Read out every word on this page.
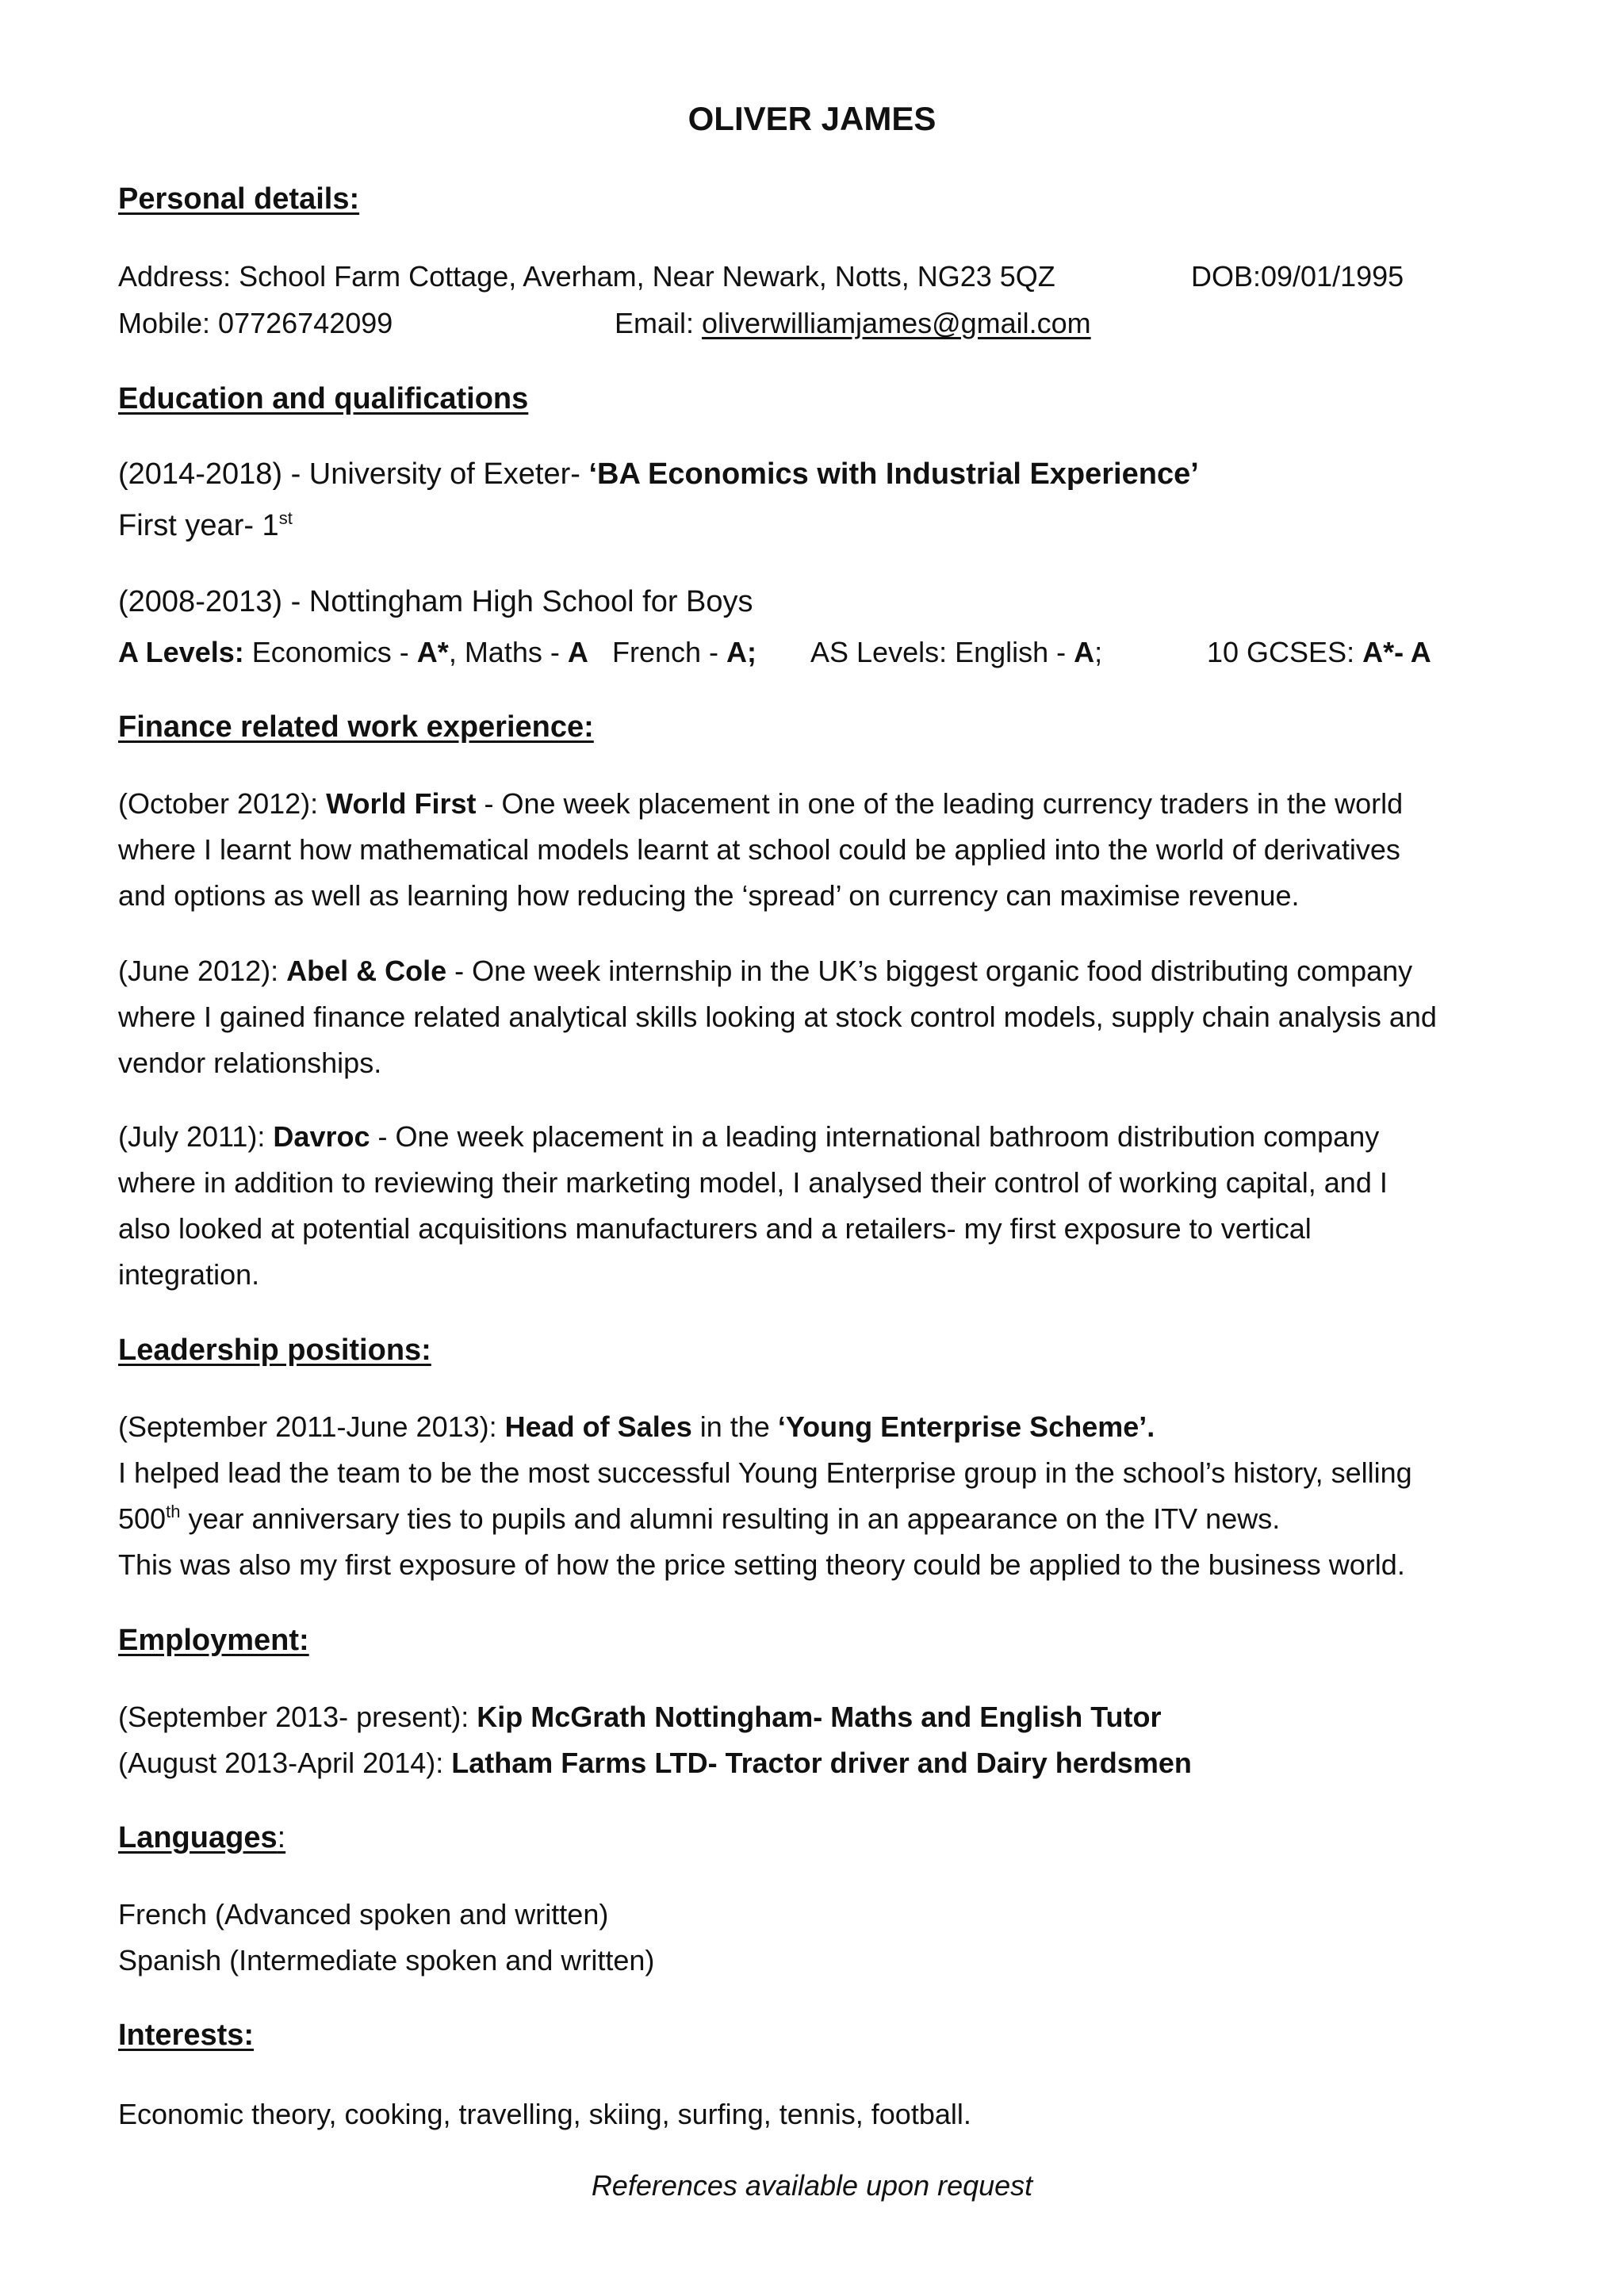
OLIVER JAMES
Personal details:
Address: School Farm Cottage, Averham, Near Newark, Notts, NG23 5QZ	DOB:09/01/1995
Mobile: 07726742099	Email: oliverwilliamjames@gmail.com
Education and qualifications
(2014-2018) - University of Exeter- ‘BA Economics with Industrial Experience’
First year- 1st
(2008-2013) - Nottingham High School for Boys
A Levels: Economics - A*, Maths - A French - A; AS Levels: English - A;	10 GCSES: A*- A
Finance related work experience:
(October 2012): World First - One week placement in one of the leading currency traders in the world
where I learnt how mathematical models learnt at school could be applied into the world of derivatives
and options as well as learning how reducing the ‘spread’ on currency can maximise revenue.
(June 2012): Abel & Cole - One week internship in the UK’s biggest organic food distributing company
where I gained finance related analytical skills looking at stock control models, supply chain analysis and
vendor relationships.
(July 2011): Davroc - One week placement in a leading international bathroom distribution company
where in addition to reviewing their marketing model, I analysed their control of working capital, and I
also looked at potential acquisitions manufacturers and a retailers- my first exposure to vertical
integration.
Leadership positions:
(September 2011-June 2013): Head of Sales in the ‘Young Enterprise Scheme’.
I helped lead the team to be the most successful Young Enterprise group in the school’s history, selling
500th year anniversary ties to pupils and alumni resulting in an appearance on the ITV news.
This was also my first exposure of how the price setting theory could be applied to the business world.
Employment:
(September 2013- present): Kip McGrath Nottingham- Maths and English Tutor
(August 2013-April 2014): Latham Farms LTD- Tractor driver and Dairy herdsmen
Languages:
French (Advanced spoken and written)
Spanish (Intermediate spoken and written)
Interests:
Economic theory, cooking, travelling, skiing, surfing, tennis, football.
References available upon request
